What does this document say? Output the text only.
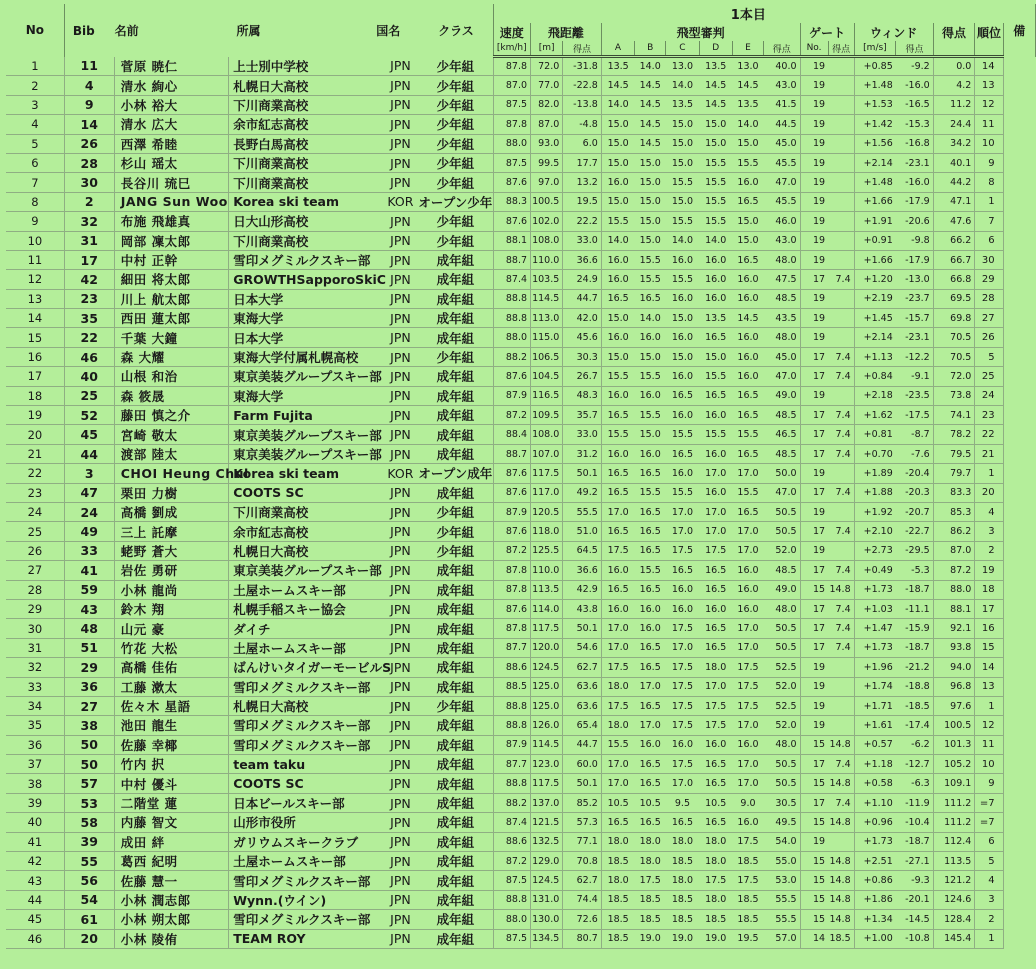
No	Bib 名前 所属 国名 クラス					1本目															備
						速度	飛距離		飛型審判						ゲート		ウィンド		得点	順位	
						[km/h]	[m]	得点	A	B	C	D	E	得点	No.	得点	[m/s]	得点			
1	11	菅原 暁仁	上士別中学校	JPN	少年組	87.8	72.0	-31.8	13.5	14.0	13.0	13.5	13.0	40.0	19		+0.85	-9.2	0.0	14	
2	4	清水 絢心	札幌日大高校	JPN	少年組	87.0	77.0	-22.8	14.5	14.5	14.0	14.5	14.5	43.0	19		+1.48	-16.0	4.2	13	
3	9	小林 裕大	下川商業高校	JPN	少年組	87.5	82.0	-13.8	14.0	14.5	13.5	14.5	13.5	41.5	19		+1.53	-16.5	11.2	12	
4	14	清水 広大	余市紅志高校	JPN	少年組	87.8	87.0	-4.8	15.0	14.5	15.0	15.0	14.0	44.5	19		+1.42	-15.3	24.4	11	
5	26	西澤 希睦	長野白馬高校	JPN	少年組	88.0	93.0	6.0	15.0	14.5	15.0	15.0	15.0	45.0	19		+1.56	-16.8	34.2	10	
6	28	杉山 瑶太	下川商業高校	JPN	少年組	87.5	99.5	17.7	15.0	15.0	15.0	15.5	15.5	45.5	19		+2.14	-23.1	40.1	9	
7	30	長谷川 琉巳	下川商業高校	JPN	少年組	87.6	97.0	13.2	16.0	15.0	15.5	15.5	16.0	47.0	19		+1.48	-16.0	44.2	8	
8	2	JANG Sun Woo	Korea ski team	KOR	オープン少年	88.3	100.5	19.5	15.0	15.0	15.0	15.5	16.5	45.5	19		+1.66	-17.9	47.1	1	
9	32	布施 飛雄真	日大山形高校	JPN	少年組	87.6	102.0	22.2	15.5	15.0	15.5	15.5	15.0	46.0	19		+1.91	-20.6	47.6	7	
10	31	岡部 凜太郎	下川商業高校	JPN	少年組	88.1	108.0	33.0	14.0	15.0	14.0	14.0	15.0	43.0	19		+0.91	-9.8	66.2	6	
11	17	中村 正幹	雪印メグミルクスキー部	JPN	成年組	88.7	110.0	36.6	16.0	15.5	16.0	16.0	16.5	48.0	19		+1.66	-17.9	66.7	30	
12	42	細田 将太郎	GROWTHSapporoSkiC	JPN	成年組	87.4	103.5	24.9	16.0	15.5	15.5	16.0	16.0	47.5	17	7.4	+1.20	-13.0	66.8	29	
13	23	川上 航太郎	日本大学	JPN	成年組	88.8	114.5	44.7	16.5	16.5	16.0	16.0	16.0	48.5	19		+2.19	-23.7	69.5	28	
14	35	西田 蓮太郎	東海大学	JPN	成年組	88.8	113.0	42.0	15.0	14.0	15.0	13.5	14.5	43.5	19		+1.45	-15.7	69.8	27	
15	22	千葉 大鐘	日本大学	JPN	成年組	88.0	115.0	45.6	16.0	16.0	16.0	16.5	16.0	48.0	19		+2.14	-23.1	70.5	26	
16	46	森 大耀	東海大学付属札幌高校	JPN	少年組	88.2	106.5	30.3	15.0	15.0	15.0	15.0	16.0	45.0	17	7.4	+1.13	-12.2	70.5	5	
17	40	山根 和治	東京美装グループスキー部	JPN	成年組	87.6	104.5	26.7	15.5	15.5	16.0	15.5	16.0	47.0	17	7.4	+0.84	-9.1	72.0	25	
18	25	森 筱晟	東海大学	JPN	成年組	87.9	116.5	48.3	16.0	16.0	16.5	16.5	16.5	49.0	19		+2.18	-23.5	73.8	24	
19	52	藤田 慎之介	Farm Fujita	JPN	成年組	87.2	109.5	35.7	16.5	15.5	16.0	16.0	16.5	48.5	17	7.4	+1.62	-17.5	74.1	23	
20	45	宮崎 敬太	東京美装グループスキー部	JPN	成年組	88.4	108.0	33.0	15.5	15.0	15.5	15.5	15.5	46.5	17	7.4	+0.81	-8.7	78.2	22	
21	44	渡部 陸太	東京美装グループスキー部	JPN	成年組	88.7	107.0	31.2	16.0	16.0	16.5	16.0	16.5	48.5	17	7.4	+0.70	-7.6	79.5	21	
22	3	CHOI Heung Chul	Korea ski team	KOR	オープン成年	87.6	117.5	50.1	16.5	16.5	16.0	17.0	17.0	50.0	19		+1.89	-20.4	79.7	1	
23	47	栗田 力樹	COOTS SC	JPN	成年組	87.6	117.0	49.2	16.5	15.5	15.5	16.0	15.5	47.0	17	7.4	+1.88	-20.3	83.3	20	
24	24	高橋 劉成	下川商業高校	JPN	少年組	87.9	120.5	55.5	17.0	16.5	17.0	17.0	16.5	50.5	19		+1.92	-20.7	85.3	4	
25	49	三上 託摩	余市紅志高校	JPN	少年組	87.6	118.0	51.0	16.5	16.5	17.0	17.0	17.0	50.5	17	7.4	+2.10	-22.7	86.2	3	
26	33	蛯野 蒼大	札幌日大高校	JPN	少年組	87.2	125.5	64.5	17.5	16.5	17.5	17.5	17.0	52.0	19		+2.73	-29.5	87.0	2	
27	41	岩佐 勇研	東京美装グループスキー部	JPN	成年組	87.8	110.0	36.6	16.0	15.5	16.5	16.5	16.0	48.5	17	7.4	+0.49	-5.3	87.2	19	
28	59	小林 龍尚	土屋ホームスキー部	JPN	成年組	87.8	113.5	42.9	16.5	16.5	16.0	16.5	16.0	49.0	15	14.8	+1.73	-18.7	88.0	18	
29	43	鈴木 翔	札幌手稲スキー協会	JPN	成年組	87.6	114.0	43.8	16.0	16.0	16.0	16.0	16.0	48.0	17	7.4	+1.03	-11.1	88.1	17	
30	48	山元 豪	ダイチ	JPN	成年組	87.8	117.5	50.1	17.0	16.0	17.5	16.5	17.0	50.5	17	7.4	+1.47	-15.9	92.1	16	
31	51	竹花 大松	土屋ホームスキー部	JPN	成年組	87.7	120.0	54.6	17.0	16.5	17.0	16.5	17.0	50.5	17	7.4	+1.73	-18.7	93.8	15	
32	29	高橋 佳佑	ばんけいタイガーモービルS	JPN	成年組	88.6	124.5	62.7	17.5	16.5	17.5	18.0	17.5	52.5	19		+1.96	-21.2	94.0	14	
33	36	工藤 漱太	雪印メグミルクスキー部	JPN	成年組	88.5	125.0	63.6	18.0	17.0	17.5	17.0	17.5	52.0	19		+1.74	-18.8	96.8	13	
34	27	佐々木 星語	札幌日大高校	JPN	少年組	88.8	125.0	63.6	17.5	16.5	17.5	17.5	17.5	52.5	19		+1.71	-18.5	97.6	1	
35	38	池田 龍生	雪印メグミルクスキー部	JPN	成年組	88.8	126.0	65.4	18.0	17.0	17.5	17.5	17.0	52.0	19		+1.61	-17.4	100.5	12	
36	50	佐藤 幸椰	雪印メグミルクスキー部	JPN	成年組	87.9	114.5	44.7	15.5	16.0	16.0	16.0	16.0	48.0	15	14.8	+0.57	-6.2	101.3	11	
37	50	竹内 択	team taku	JPN	成年組	87.7	123.0	60.0	17.0	16.5	17.5	16.5	17.0	50.5	17	7.4	+1.18	-12.7	105.2	10	
38	57	中村 優斗	COOTS SC	JPN	成年組	88.8	117.5	50.1	17.0	16.5	17.0	16.5	17.0	50.5	15	14.8	+0.58	-6.3	109.1	9	
39	53	二階堂 蓮	日本ビールスキー部	JPN	成年組	88.2	137.0	85.2	10.5	10.5	9.5	10.5	9.0	30.5	17	7.4	+1.10	-11.9	111.2	=7	
40	58	内藤 智文	山形市役所	JPN	成年組	87.4	121.5	57.3	16.5	16.5	16.5	16.5	16.0	49.5	15	14.8	+0.96	-10.4	111.2	=7	
41	39	成田 絆	ガリウムスキークラブ	JPN	成年組	88.6	132.5	77.1	18.0	18.0	18.0	18.0	17.5	54.0	19		+1.73	-18.7	112.4	6	
42	55	葛西 紀明	土屋ホームスキー部	JPN	成年組	87.2	129.0	70.8	18.5	18.0	18.5	18.0	18.5	55.0	15	14.8	+2.51	-27.1	113.5	5	
43	56	佐藤 慧一	雪印メグミルクスキー部	JPN	成年組	87.5	124.5	62.7	18.0	17.5	18.0	17.5	17.5	53.0	15	14.8	+0.86	-9.3	121.2	4	
44	54	小林 潤志郎	Wynn.(ウイン)	JPN	成年組	88.8	131.0	74.4	18.5	18.5	18.5	18.0	18.5	55.5	15	14.8	+1.86	-20.1	124.6	3	
45	61	小林 朔太郎	雪印メグミルクスキー部	JPN	成年組	88.0	130.0	72.6	18.5	18.5	18.5	18.5	18.5	55.5	15	14.8	+1.34	-14.5	128.4	2	
46	20	小林 陵侑	TEAM ROY	JPN	成年組	87.5	134.5	80.7	18.5	19.0	19.0	19.0	19.5	57.0	14	18.5	+1.00	-10.8	145.4	1	
